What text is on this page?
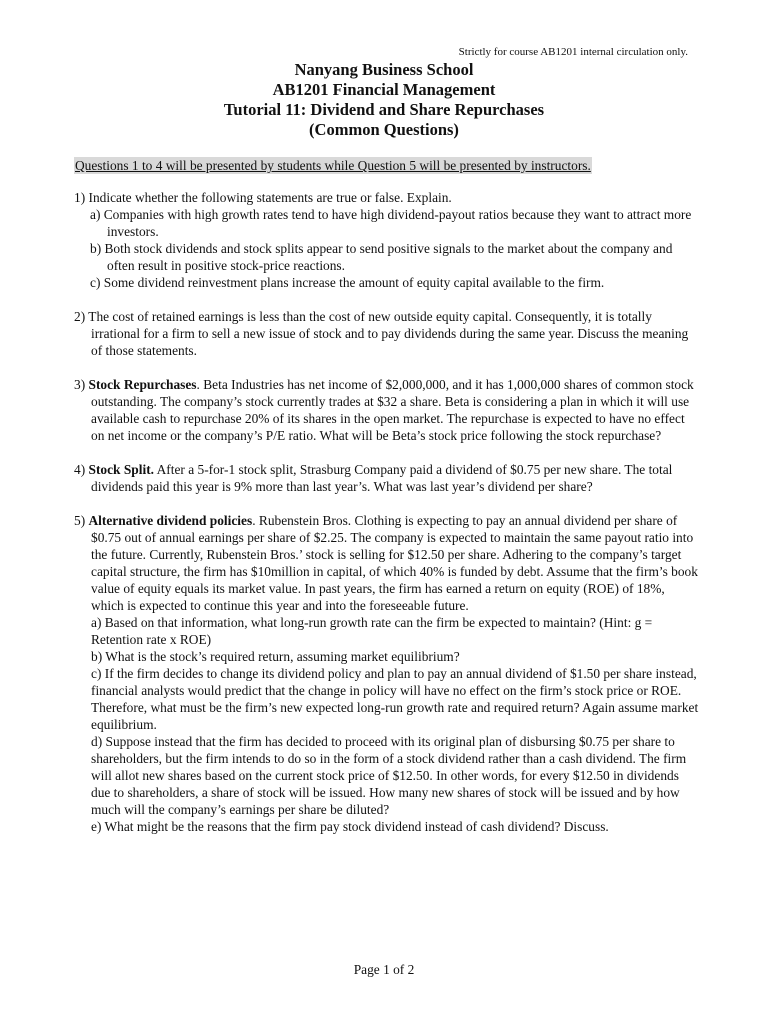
Strictly for course AB1201 internal circulation only.
Nanyang Business School
AB1201 Financial Management
Tutorial 11: Dividend and Share Repurchases
(Common Questions)
Questions 1 to 4 will be presented by students while Question 5 will be presented by instructors.

1) Indicate whether the following statements are true or false. Explain.

a) Companies with high growth rates tend to have high dividend-payout ratios because they want to attract more investors.

b) Both stock dividends and stock splits appear to send positive signals to the market about the company and often result in positive stock-price reactions.

c) Some dividend reinvestment plans increase the amount of equity capital available to the firm.

2) The cost of retained earnings is less than the cost of new outside equity capital. Consequently, it is totally irrational for a firm to sell a new issue of stock and to pay dividends during the same year. Discuss the meaning of those statements.

3) Stock Repurchases. Beta Industries has net income of $2,000,000, and it has 1,000,000 shares of common stock outstanding. The company’s stock currently trades at $32 a share. Beta is considering a plan in which it will use available cash to repurchase 20% of its shares in the open market. The repurchase is expected to have no effect on net income or the company’s P/E ratio. What will be Beta’s stock price following the stock repurchase?

4) Stock Split. After a 5-for-1 stock split, Strasburg Company paid a dividend of $0.75 per new share. The total dividends paid this year is 9% more than last year’s. What was last year’s dividend per share?

5) Alternative dividend policies. Rubenstein Bros. Clothing is expecting to pay an annual dividend per share of $0.75 out of annual earnings per share of $2.25. The company is expected to maintain the same payout ratio into the future. Currently, Rubenstein Bros.’ stock is selling for $12.50 per share. Adhering to the company’s target capital structure, the firm has $10million in capital, of which 40% is funded by debt. Assume that the firm’s book value of equity equals its market value. In past years, the firm has earned a return on equity (ROE) of 18%, which is expected to continue this year and into the foreseeable future.

a) Based on that information, what long-run growth rate can the firm be expected to maintain? (Hint: g = Retention rate x ROE)

b) What is the stock’s required return, assuming market equilibrium?

c) If the firm decides to change its dividend policy and plan to pay an annual dividend of $1.50 per share instead, financial analysts would predict that the change in policy will have no effect on the firm’s stock price or ROE. Therefore, what must be the firm’s new expected long-run growth rate and required return? Again assume market equilibrium.

d) Suppose instead that the firm has decided to proceed with its original plan of disbursing $0.75 per share to shareholders, but the firm intends to do so in the form of a stock dividend rather than a cash dividend. The firm will allot new shares based on the current stock price of $12.50. In other words, for every $12.50 in dividends due to shareholders, a share of stock will be issued. How many new shares of stock will be issued and by how much will the company’s earnings per share be diluted?

e) What might be the reasons that the firm pay stock dividend instead of cash dividend? Discuss.

Page 1 of 2
